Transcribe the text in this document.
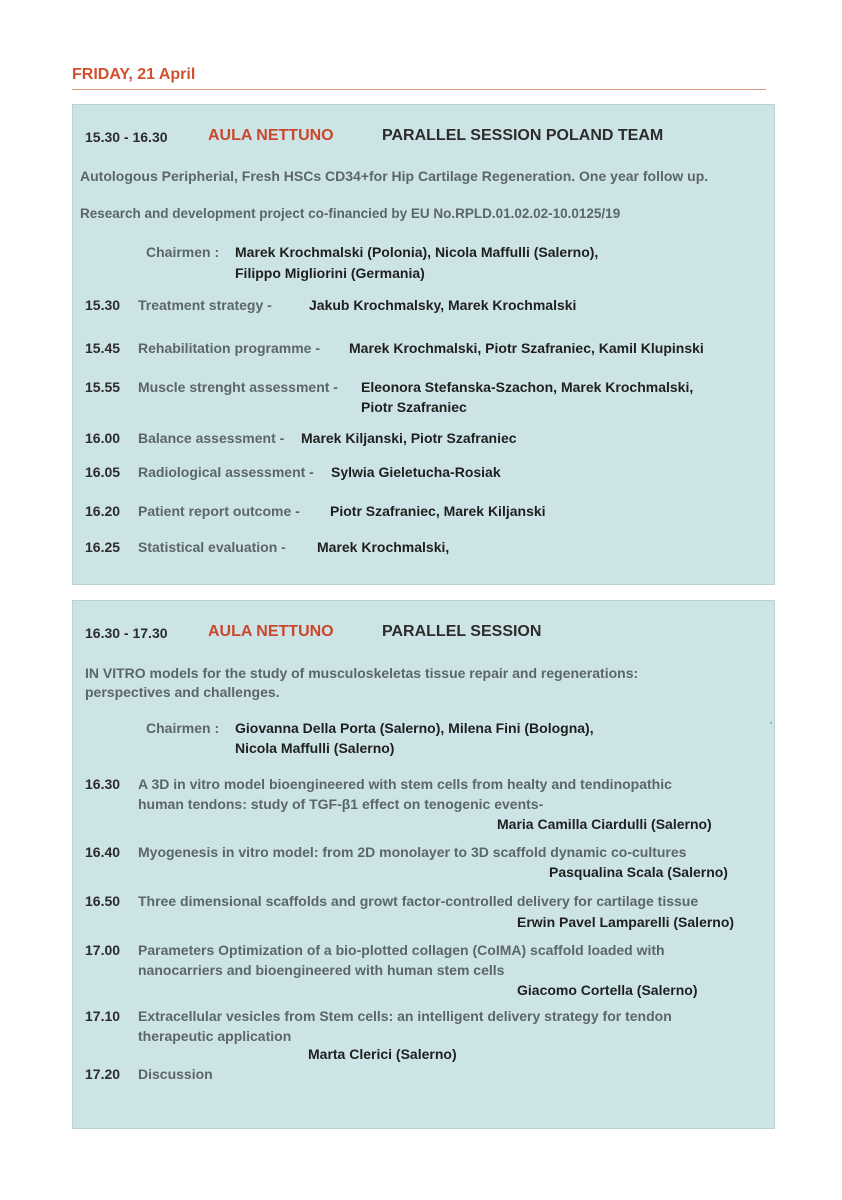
FRIDAY, 21 April
15.30 - 16.30	AULA NETTUNO	PARALLEL SESSION POLAND TEAM
Autologous Peripherial, Fresh HSCs CD34+for Hip Cartilage Regeneration. One year follow up.
Research and development project co-financied by EU No.RPLD.01.02.02-10.0125/19
Chairmen : Marek Krochmalski (Polonia), Nicola Maffulli (Salerno),
Filippo Migliorini (Germania)
15.30 Treatment strategy -	Jakub Krochmalsky, Marek Krochmalski
15.45 Rehabilitation programme - Marek Krochmalski, Piotr Szafraniec, Kamil Klupinski
15.55 Muscle strenght assessment - Eleonora Stefanska-Szachon, Marek Krochmalski,
Piotr Szafraniec
16.00 Balance assessment - Marek Kiljanski, Piotr Szafraniec
16.05 Radiological assessment - Sylwia Gieletucha-Rosiak
16.20 Patient report outcome - Piotr Szafraniec, Marek Kiljanski
16.25 Statistical evaluation - Marek Krochmalski,
16.30 - 17.30	AULA NETTUNO	PARALLEL SESSION
IN VITRO models for the study of musculoskeletas tissue repair and regenerations:
perspectives and challenges.
Chairmen : Giovanna Della Porta (Salerno), Milena Fini (Bologna),
Nicola Maffulli (Salerno)
16.30 A 3D in vitro model bioengineered with stem cells from healty and tendinopathic
human tendons: study of TGF-β1 effect on tenogenic events-
Maria Camilla Ciardulli (Salerno)
16.40 Myogenesis in vitro model: from 2D monolayer to 3D scaffold dynamic co-cultures
Pasqualina Scala (Salerno)
16.50 Three dimensional scaffolds and growt factor-controlled delivery for cartilage tissue
Erwin Pavel Lamparelli (Salerno)
17.00 Parameters Optimization of a bio-plotted collagen (CoIMA) scaffold loaded with
nanocarriers and bioengineered with human stem cells
Giacomo Cortella (Salerno)
17.10 Extracellular vesicles from Stem cells: an intelligent delivery strategy for tendon
therapeutic application
Marta Clerici (Salerno)
17.20 Discussion
